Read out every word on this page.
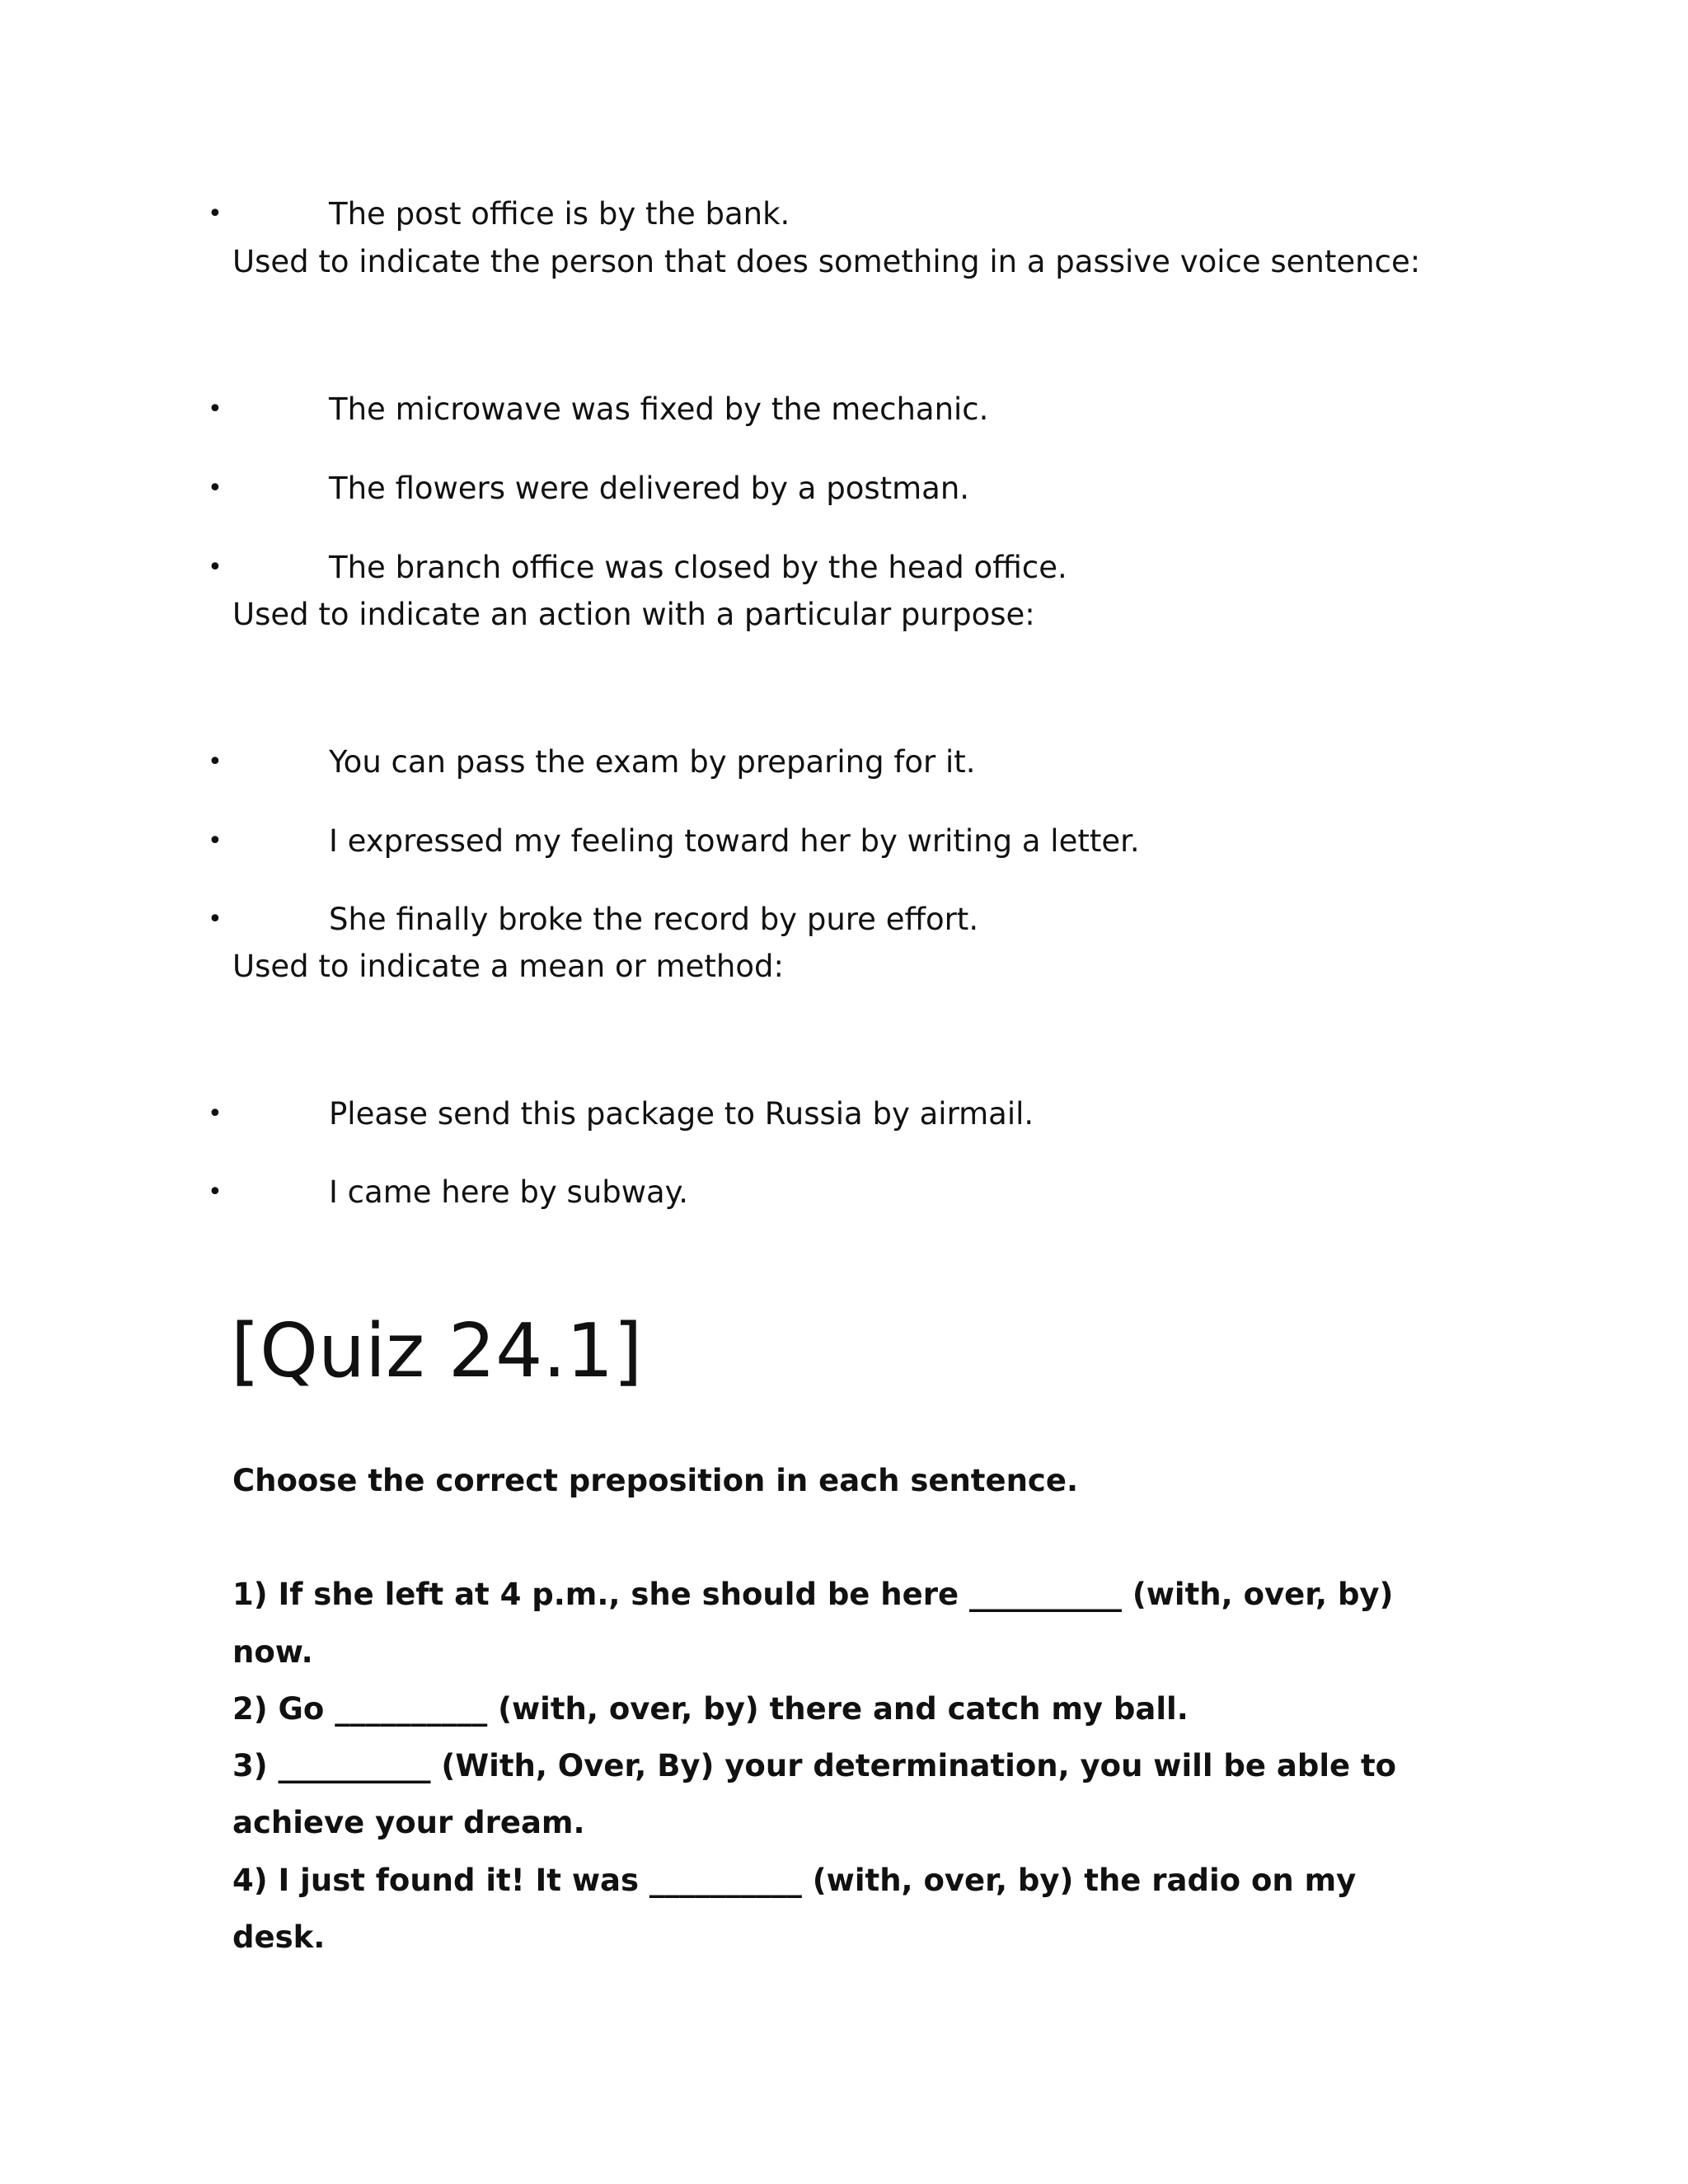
•	The post office is by the bank.
Used to indicate the person that does something in a passive voice sentence:
•	The microwave was fixed by the mechanic.
•	The flowers were delivered by a postman.
•	The branch office was closed by the head office.
Used to indicate an action with a particular purpose:
•	You can pass the exam by preparing for it.
•	I expressed my feeling toward her by writing a letter.
•	She finally broke the record by pure effort.
Used to indicate a mean or method:
•	Please send this package to Russia by airmail.
•	I came here by subway.
[Quiz 24.1]
Choose the correct preposition in each sentence.
1) If she left at 4 p.m., she should be here __________ (with, over, by)
now.
2) Go __________ (with, over, by) there and catch my ball.
3) __________ (With, Over, By) your determination, you will be able to
achieve your dream.
4) I just found it! It was __________ (with, over, by) the radio on my
desk.
